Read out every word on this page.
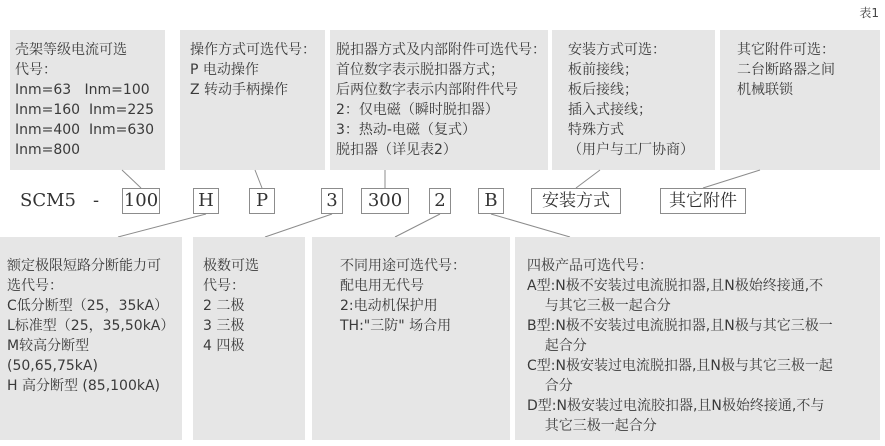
表1
壳架等级电流可选
代号：
Inm=63   Inm=100
Inm=160  Inm=225
Inm=400  Inm=630
Inm=800
操作方式可选代号：
P 电动操作
Z 转动手柄操作
脱扣器方式及内部附件可选代号：
首位数字表示脱扣器方式；
后两位数字表示内部附件代号
2：仅电磁（瞬时脱扣器）
3：热动-电磁（复式）
脱扣器（详见表2）
安装方式可选：
板前接线；
板后接线；
插入式接线；
特殊方式
（用户与工厂协商）
其它附件可选：
二台断路器之间
机械联锁
SCM5 - 100 H	P	3	300	2	B	安装方式	其它附件
额定极限短路分断能力可
选代号：
C低分断型（25，35kA）
L标准型（25，35,50kA）
M较高分断型
(50,65,75kA)
H 高分断型 (85,100kA)
极数可选
代号：
2 二极
3 三极
4 四极
不同用途可选代号：
配电用无代号
2:电动机保护用
TH:"三防" 场合用
四极产品可选代号：
A型:N极不安装过电流脱扣器,且N极始终接通,不
与其它三极一起合分
B型:N极不安装过电流脱扣器,且N极与其它三极一
起合分
C型:N极安装过电流脱扣器,且N极与其它三极一起
合分
D型:N极安装过电流胶扣器,且N极始终接通,不与
其它三极一起合分
